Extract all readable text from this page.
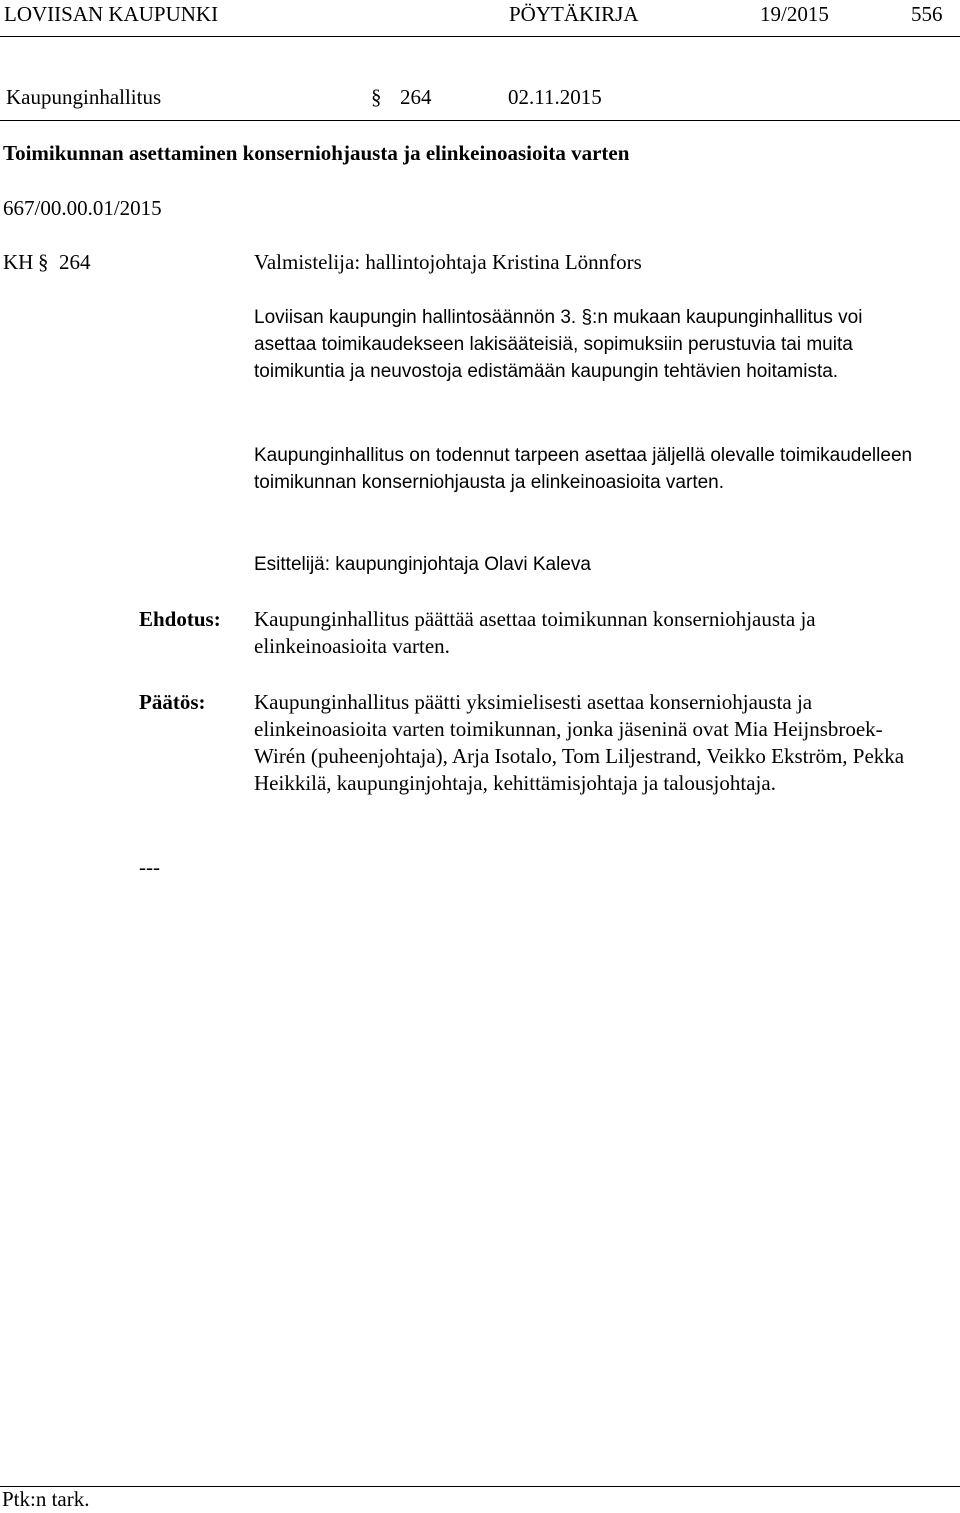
LOVIISAN KAUPUNKI	PÖYTÄKIRJA	19/2015	556
Kaupunginhallitus	§ 264	02.11.2015
Toimikunnan asettaminen konserniohjausta ja elinkeinoasioita varten
667/00.00.01/2015
KH § 264	Valmistelija: hallintojohtaja Kristina Lönnfors

Loviisan kaupungin hallintosäännön 3. §:n mukaan kaupunginhallitus voi asettaa toimikaudekseen lakisääteisiä, sopimuksiin perustuvia tai muita toimikuntia ja neuvostoja edistämään kaupungin tehtävien hoitamista.

Kaupunginhallitus on todennut tarpeen asettaa jäljellä olevalle toimikaudelleen toimikunnan konserniohjausta ja elinkeinoasioita varten.

Esittelijä: kaupunginjohtaja Olavi Kaleva
Ehdotus: Kaupunginhallitus päättää asettaa toimikunnan konserniohjausta ja elinkeinoasioita varten.

Päätös: Kaupunginhallitus päätti yksimielisesti asettaa konserniohjausta ja elinkeinoasioita varten toimikunnan, jonka jäseninä ovat Mia Heijnsbroek-Wirén (puheenjohtaja), Arja Isotalo, Tom Liljestrand, Veikko Ekström, Pekka Heikkilä, kaupunginjohtaja, kehittämisjohtaja ja talousjohtaja.

---
Ptk:n tark.
